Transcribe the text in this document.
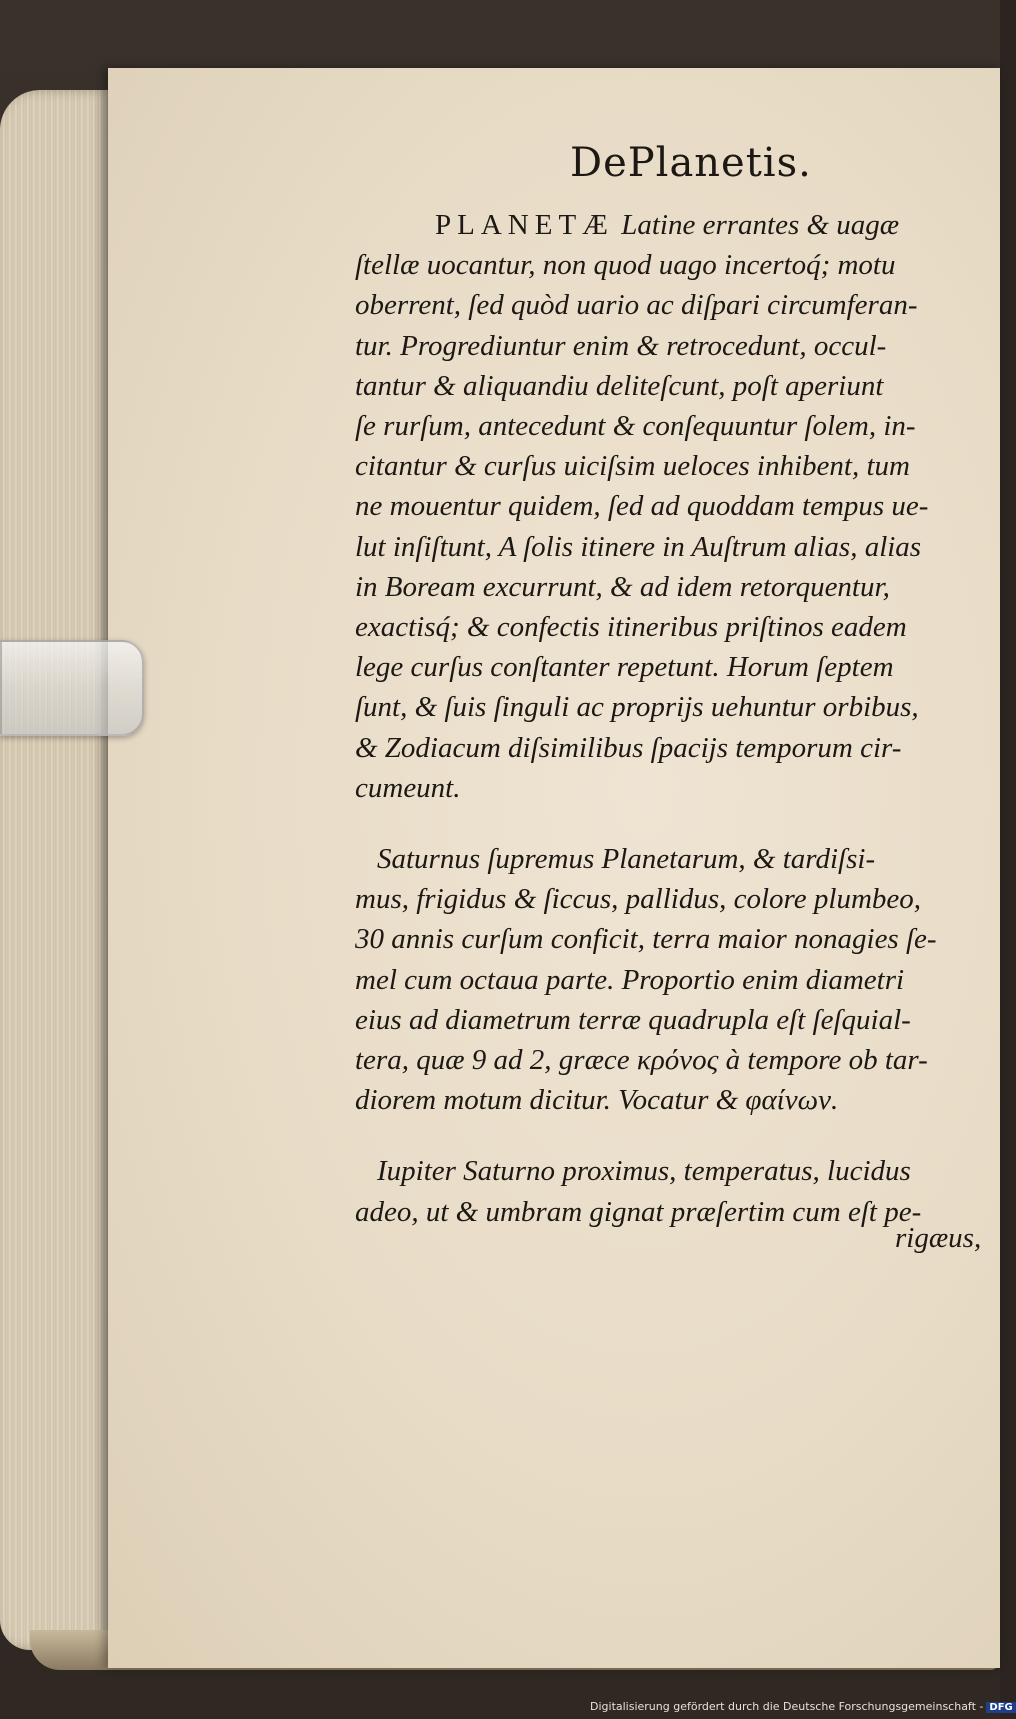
DePlanetis.
PLANETÆ Latine errantes & uagæ
ſtellæ uocantur, non quod uago incertoq́; motu
oberrent, ſed quòd uario ac diſpari circumferan-
tur. Progrediuntur enim & retrocedunt, occul-
tantur & aliquandiu deliteſcunt, poſt aperiunt
ſe rurſum, antecedunt & conſequuntur ſolem, in-
citantur & curſus uiciſsim ueloces inhibent, tum
ne mouentur quidem, ſed ad quoddam tempus ue-
lut inſiſtunt, A ſolis itinere in Auſtrum alias, alias
in Boream excurrunt, & ad idem retorquentur,
exactisq́; & confectis itineribus priſtinos eadem
lege curſus conſtanter repetunt. Horum ſeptem
ſunt, & ſuis ſinguli ac proprijs uehuntur orbibus,
& Zodiacum diſsimilibus ſpacijs temporum cir-
cumeunt.
Saturnus ſupremus Planetarum, & tardiſsi-
mus, frigidus & ſiccus, pallidus, colore plumbeo,
30 annis curſum conficit, terra maior nonagies ſe-
mel cum octaua parte. Proportio enim diametri
eius ad diametrum terræ quadrupla eſt ſeſquial-
tera, quæ 9 ad 2, græce κρόνος à tempore ob tar-
diorem motum dicitur. Vocatur & φαίνων.
Iupiter Saturno proximus, temperatus, lucidus
adeo, ut & umbram gignat præſertim cum eſt pe-
rigæus,
Digitalisierung gefördert durch die Deutsche Forschungsgemeinschaft - DFG
